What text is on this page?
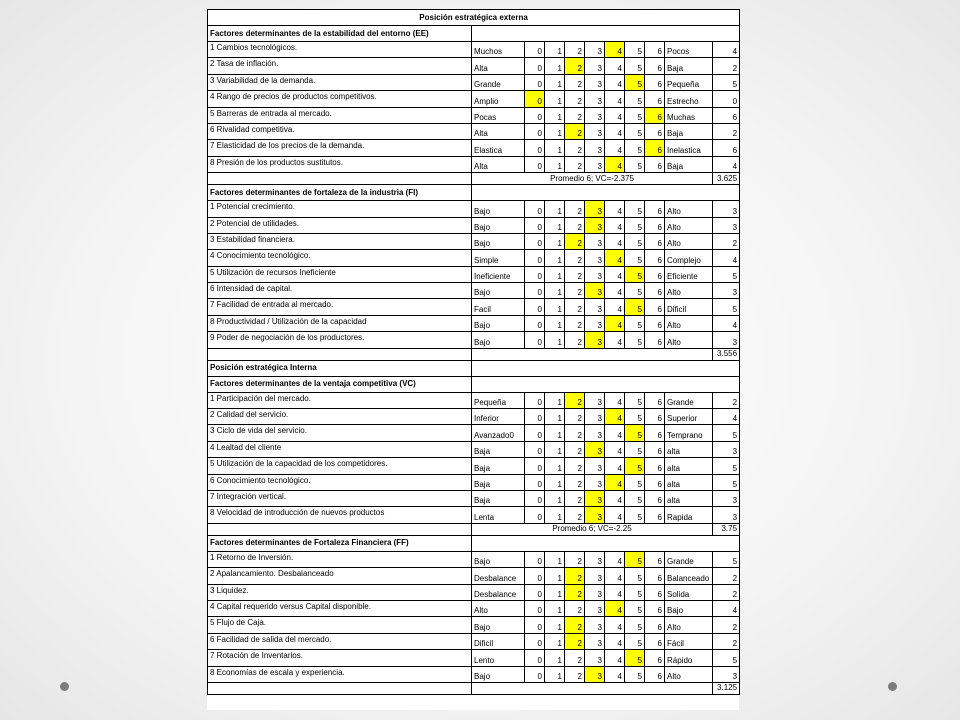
Posición estratégica externa										
Factores determinantes de la estabilidad del entorno (EE)										
1 Cambios tecnológicos.	Muchos	0	1	2	3	4	5	6	Pocos	4
2 Tasa de inflación.	Alta	0	1	2	3	4	5	6	Baja	2
3 Variabilidad de la demanda.	Grande	0	1	2	3	4	5	6	Pequeña	5
4 Rango de precios de productos competitivos.	Amplio	0	1	2	3	4	5	6	Estrecho	0
5 Barreras de entrada al mercado.	Pocas	0	1	2	3	4	5	6	Muchas	6
6 Rivalidad competitiva.	Alta	0	1	2	3	4	5	6	Baja	2
7 Elasticidad de los precios de la demanda.	Elastica	0	1	2	3	4	5	6	Inelastica	6
8 Presión de los productos sustitutos.	Alta	0	1	2	3	4	5	6	Baja	4
	Promedio 6; VC=-2.375									3.625
Factores determinantes de fortaleza de la industria (FI)										
1 Potencial crecimiento.	Bajo	0	1	2	3	4	5	6	Alto	3
2 Potencial de utilidades.	Bajo	0	1	2	3	4	5	6	Alto	3
3 Estabilidad financiera.	Bajo	0	1	2	3	4	5	6	Alto	2
4 Conocimiento tecnológico.	Simple	0	1	2	3	4	5	6	Complejo	4
5 Utilización de recursos Ineficiente	Ineficiente	0	1	2	3	4	5	6	Eficiente	5
6 Intensidad de capital.	Bajo	0	1	2	3	4	5	6	Alto	3
7 Facilidad de entrada al mercado.	Facil	0	1	2	3	4	5	6	Dificil	5
8 Productividad / Utilización de la capacidad	Bajo	0	1	2	3	4	5	6	Alto	4
9 Poder de negociación de los productores.	Bajo	0	1	2	3	4	5	6	Alto	3
										3.556
Posición estratégica Interna										
Factores determinantes de la ventaja competitiva (VC)										
1 Participación del mercado.	Pequeña	0	1	2	3	4	5	6	Grande	2
2 Calidad del servicio.	Inferior	0	1	2	3	4	5	6	Superior	4
3 Ciclo de vida del servicio.	Avanzado0	0	1	2	3	4	5	6	Temprano	5
4 Lealtad del cliente	Baja	0	1	2	3	4	5	6	alta	3
5 Utilización de la capacidad de los competidores.	Baja	0	1	2	3	4	5	6	alta	5
6 Conocimiento tecnológico.	Baja	0	1	2	3	4	5	6	alta	5
7 Integración vertical.	Baja	0	1	2	3	4	5	6	alta	3
8 Velocidad de introducción de nuevos productos	Lenta	0	1	2	3	4	5	6	Rapida	3
	Promedio 6; VC=-2.25									3.75
Factores determinantes de Fortaleza Financiera (FF)										
1 Retorno de Inversión.	Bajo	0	1	2	3	4	5	6	Grande	5
2 Apalancamiento. Desbalanceado	Desbalance	0	1	2	3	4	5	6	Balanceado	2
3 Liquidez.	Desbalance	0	1	2	3	4	5	6	Solida	2
4 Capital requerido versus Capital disponible.	Alto	0	1	2	3	4	5	6	Bajo	4
5 Flujo de Caja.	Bajo	0	1	2	3	4	5	6	Alto	2
6 Facilidad de salida del mercado.	Dificil	0	1	2	3	4	5	6	Fácil	2
7 Rotación de Inventarios.	Lento	0	1	2	3	4	5	6	Rápido	5
8 Economías de escala y experiencia.	Bajo	0	1	2	3	4	5	6	Alto	3
										3.125
